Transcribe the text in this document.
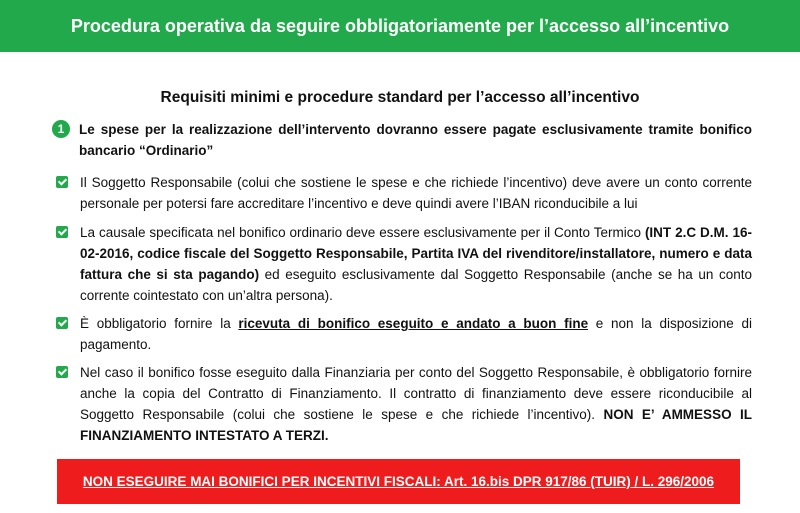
Procedura operativa da seguire obbligatoriamente per l’accesso all’incentivo
Requisiti minimi e procedure standard per l’accesso all’incentivo
1	Le spese per la realizzazione dell’intervento dovranno essere pagate esclusivamente tramite bonifico bancario “Ordinario”
Il Soggetto Responsabile (colui che sostiene le spese e che richiede l’incentivo) deve avere un conto corrente personale per potersi fare accreditare l’incentivo e deve quindi avere l’IBAN riconducibile a lui
La causale specificata nel bonifico ordinario deve essere esclusivamente per il Conto Termico (INT 2.C D.M. 16-02-2016, codice fiscale del Soggetto Responsabile, Partita IVA del rivenditore/installatore, numero e data fattura che si sta pagando) ed eseguito esclusivamente dal Soggetto Responsabile (anche se ha un conto corrente cointestato con un’altra persona).
È obbligatorio fornire la ricevuta di bonifico eseguito e andato a buon fine e non la disposizione di pagamento.
Nel caso il bonifico fosse eseguito dalla Finanziaria per conto del Soggetto Responsabile, è obbligatorio fornire anche la copia del Contratto di Finanziamento. Il contratto di finanziamento deve essere riconducibile al Soggetto Responsabile (colui che sostiene le spese e che richiede l’incentivo). NON E’ AMMESSO IL FINANZIAMENTO INTESTATO A TERZI.
NON ESEGUIRE MAI BONIFICI PER INCENTIVI FISCALI: Art. 16.bis DPR 917/86 (TUIR) / L. 296/2006
